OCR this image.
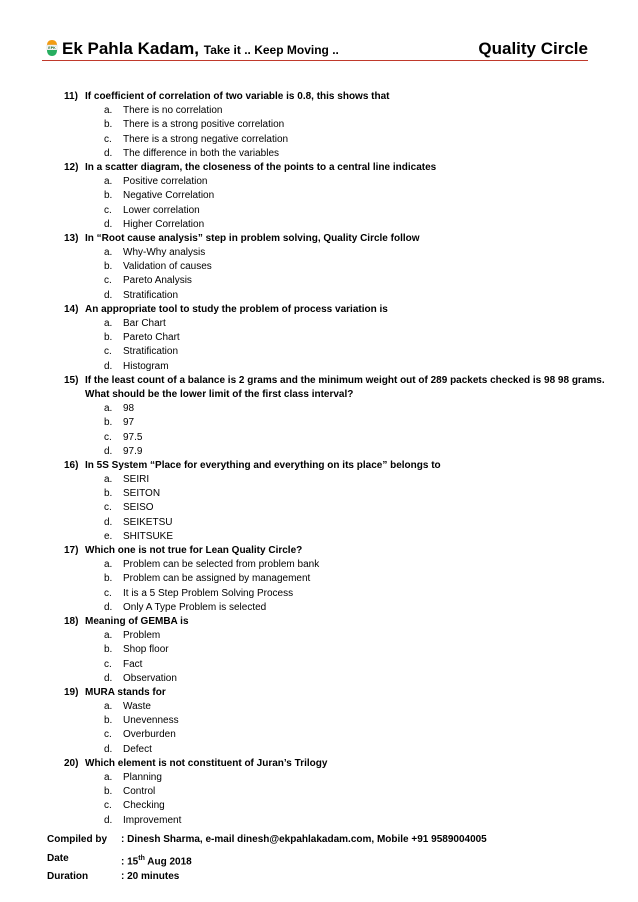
EPK Ek Pahla Kadam, Take it .. Keep Moving ..	Quality Circle
11) If coefficient of correlation of two variable is 0.8, this shows that
a. There is no correlation
b. There is a strong positive correlation
c. There is a strong negative correlation
d. The difference in both the variables
12) In a scatter diagram, the closeness of the points to a central line indicates
a. Positive correlation
b. Negative Correlation
c. Lower correlation
d. Higher Correlation
13) In “Root cause analysis” step in problem solving, Quality Circle follow
a. Why-Why analysis
b. Validation of causes
c. Pareto Analysis
d. Stratification
14) An appropriate tool to study the problem of process variation is
a. Bar Chart
b. Pareto Chart
c. Stratification
d. Histogram
15) If the least count of a balance is 2 grams and the minimum weight out of 289 packets checked is 98 98 grams.
What should be the lower limit of the first class interval?
a. 98
b. 97
c. 97.5
d. 97.9
16) In 5S System “Place for everything and everything on its place” belongs to
a. SEIRI
b. SEITON
c. SEISO
d. SEIKETSU
e. SHITSUKE
17) Which one is not true for Lean Quality Circle?
a. Problem can be selected from problem bank
b. Problem can be assigned by management
c. It is a 5 Step Problem Solving Process
d. Only A Type Problem is selected
18) Meaning of GEMBA is
a. Problem
b. Shop floor
c. Fact
d. Observation
19) MURA stands for
a. Waste
b. Unevenness
c. Overburden
d. Defect
20) Which element is not constituent of Juran’s Trilogy
a. Planning
b. Control
c. Checking
d. Improvement
Compiled by : Dinesh Sharma, e-mail dinesh@ekpahlakadam.com, Mobile +91 9589004005
Date	: 15th Aug 2018
Duration	: 20 minutes
